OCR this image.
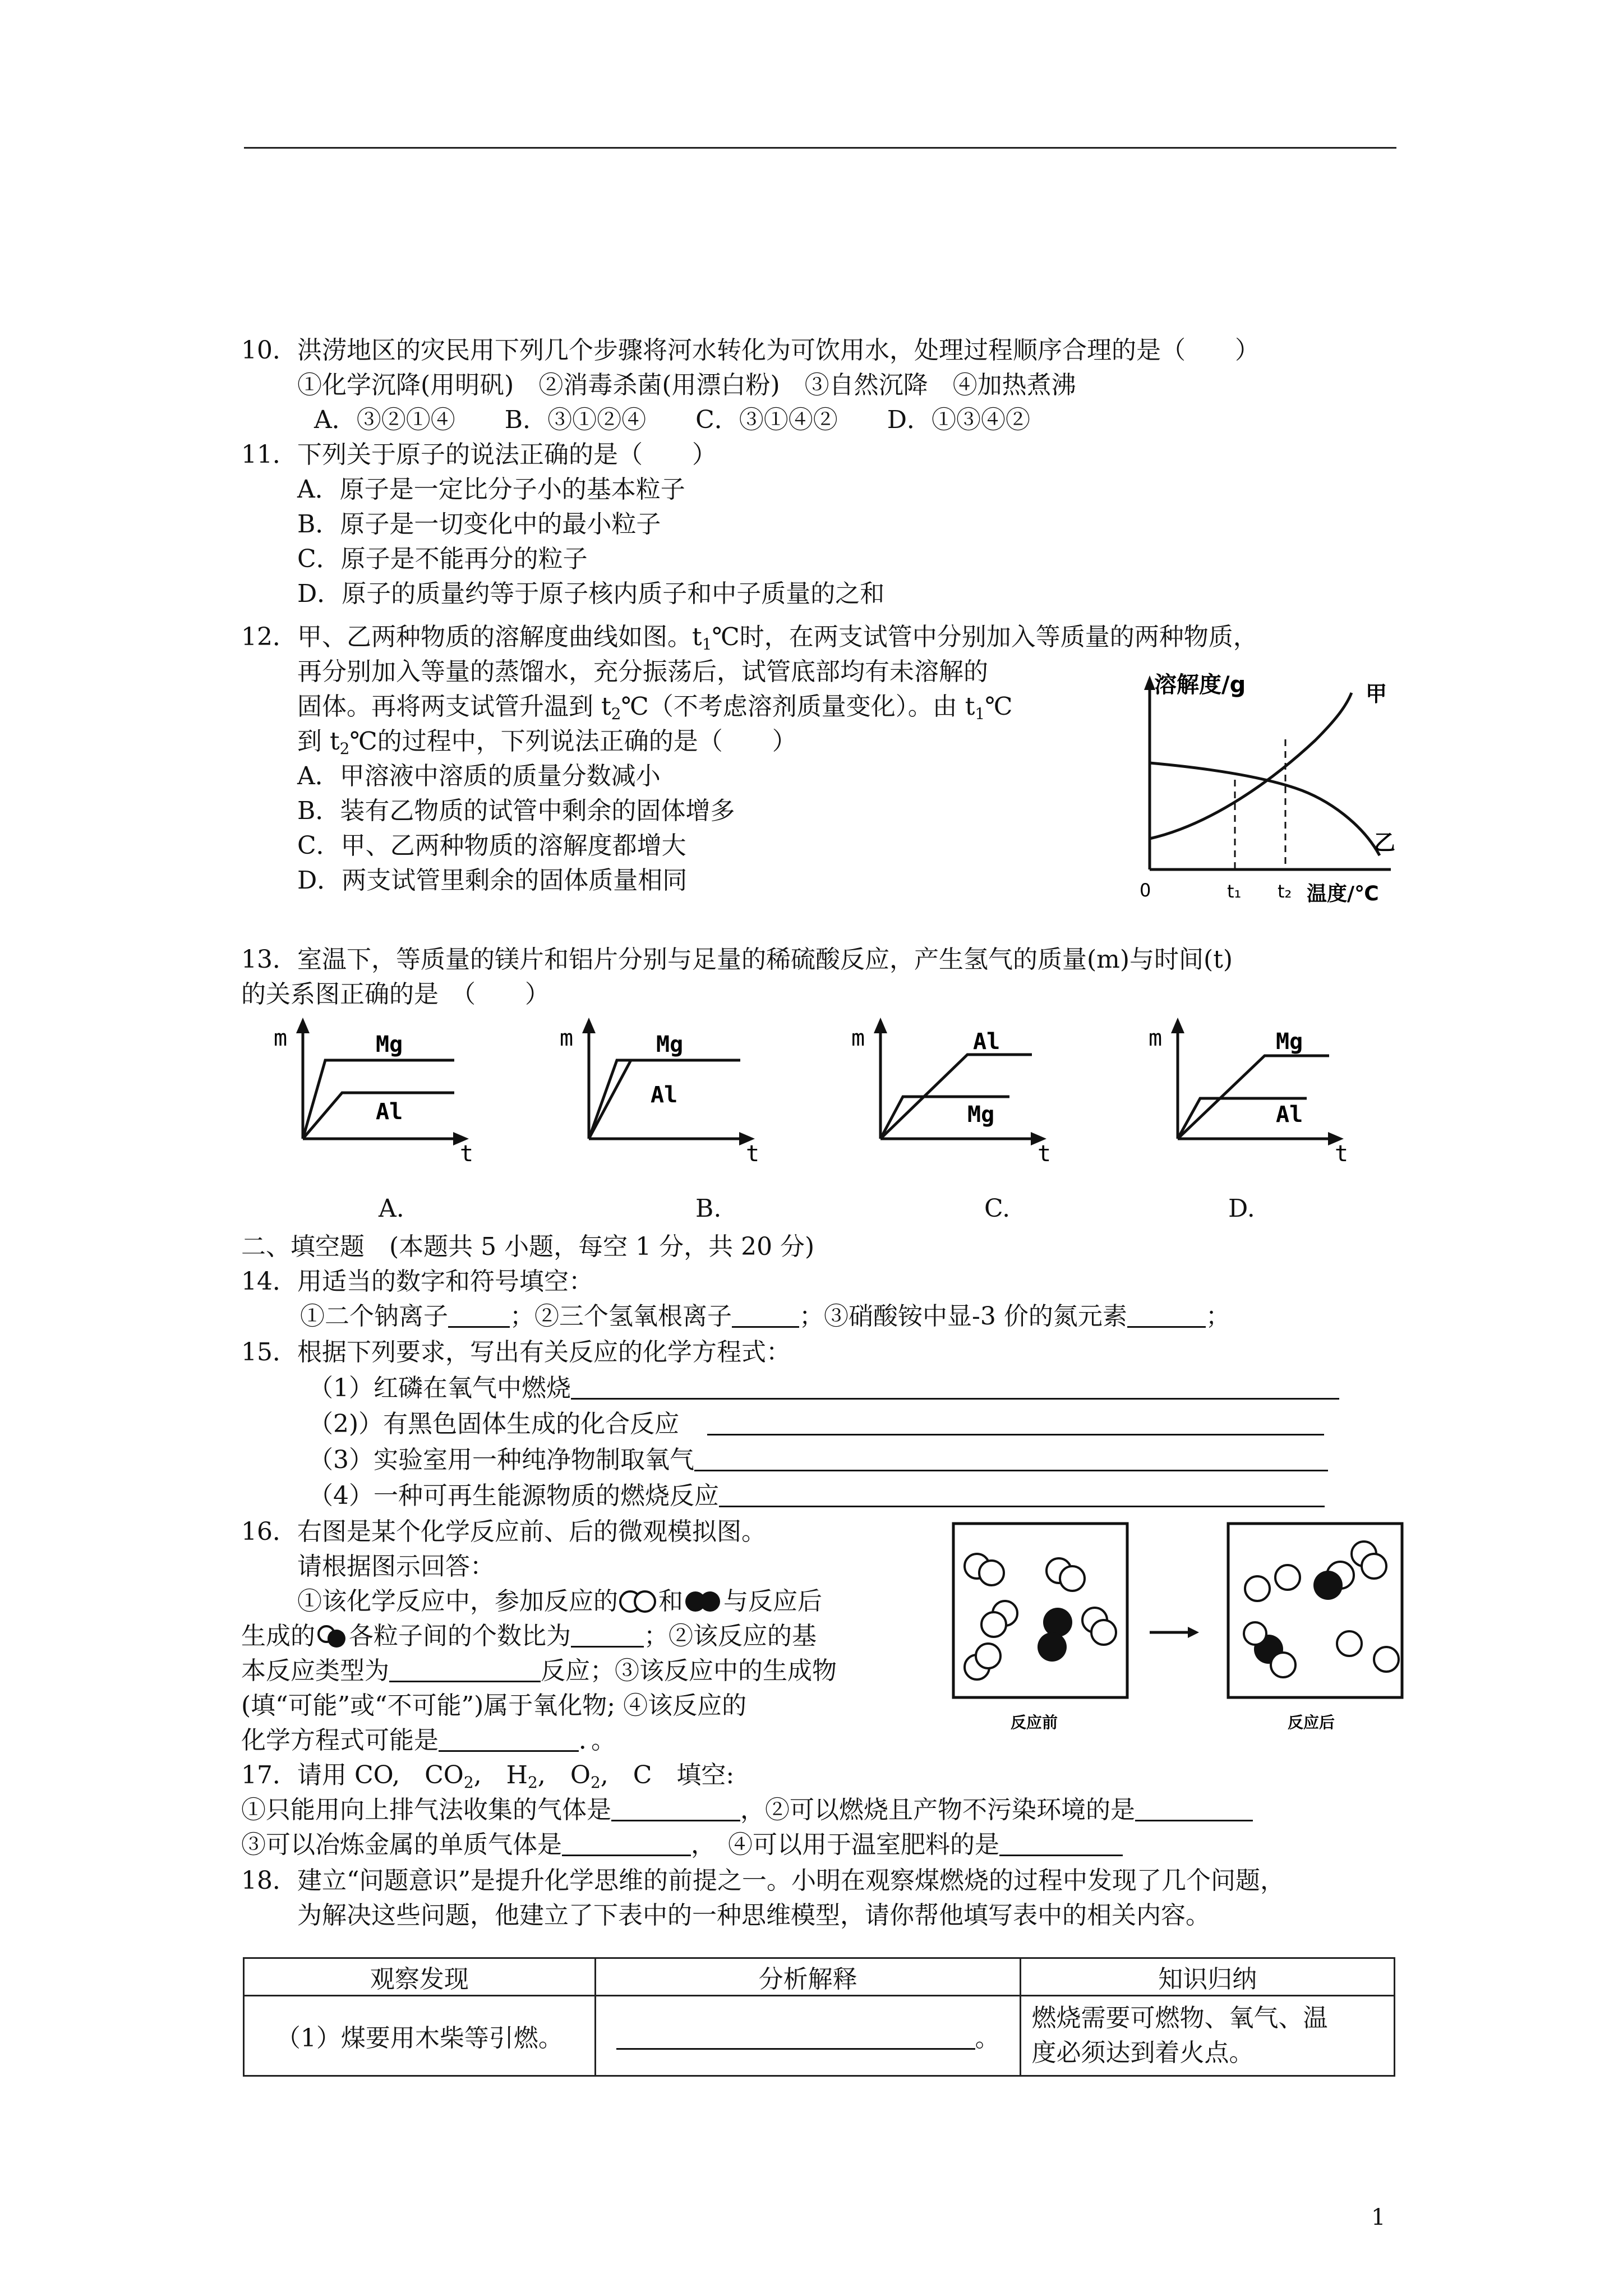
10．洪涝地区的灾民用下列几个步骤将河水转化为可饮用水，处理过程顺序合理的是（　　）
①化学沉降(用明矾)　②消毒杀菌(用漂白粉)　③自然沉降　④加热煮沸
A．③②①④　　B．③①②④　　C．③①④②　　D．①③④②
11．下列关于原子的说法正确的是（　　）
A．原子是一定比分子小的基本粒子
B．原子是一切变化中的最小粒子
C．原子是不能再分的粒子
D．原子的质量约等于原子核内质子和中子质量的之和
12．甲、乙两种物质的溶解度曲线如图。$t_1℃$时，在两支试管中分别加入等质量的两种物质，
再分别加入等量的蒸馏水，充分振荡后，试管底部均有未溶解的
固体。再将两支试管升温到 $t_2℃$（不考虑溶剂质量变化）。由 $t_1℃$
到 $t_2℃$的过程中，下列说法正确的是（　　）
A．甲溶液中溶质的质量分数减小
B．装有乙物质的试管中剩余的固体增多
C．甲、乙两种物质的溶解度都增大
D．两支试管里剩余的固体质量相同
溶解度/g	甲
乙
0	t₁ t₂ 温度/℃
13．室温下，等质量的镁片和铝片分别与足量的稀硫酸反应，产生氢气的质量(m)与时间(t)
的关系图正确的是　（　　）
m
t
Mg
Al
m
t
Mg
Al
m
t
Al
Mg
m
t
Mg
Al
A.	B.	C.	D.
二、填空题　(本题共 5 小题，每空 1 分，共 20 分)
14．用适当的数字和符号填空：
①二个钠离子	；②三个氢氧根离子	；③硝酸铵中显-3 价的氮元素	；
15．根据下列要求，写出有关反应的化学方程式：
（1）红磷在氧气中燃烧
（2)）有黑色固体生成的化合反应
（3）实验室用一种纯净物制取氧气
（4）一种可再生能源物质的燃烧反应
16．右图是某个化学反应前、后的微观模拟图。
请根据图示回答：
①该化学反应中，参加反应的 和 与反应后
生成的 各粒子间的个数比为	；②该反应的基
本反应类型为	反应；③该反应中的生成物
(填“可能”或“不可能”)属于氧化物; ④该反应的
化学方程式可能是	．。
反应前	反应后
17．请用 CO,　$CO_2$,　$H_2$,　$O_2$,　C　填空:
①只能用向上排气法收集的气体是	，②可以燃烧且产物不污染环境的是
③可以冶炼金属的单质气体是	，　④可以用于温室肥料的是
18．建立“问题意识”是提升化学思维的前提之一。小明在观察煤燃烧的过程中发现了几个问题，
为解决这些问题，他建立了下表中的一种思维模型，请你帮他填写表中的相关内容。
观察发现	分析解释	知识归纳
（1）煤要用木柴等引燃。	。	燃烧需要可燃物、氧气、温
度必须达到着火点。
1
